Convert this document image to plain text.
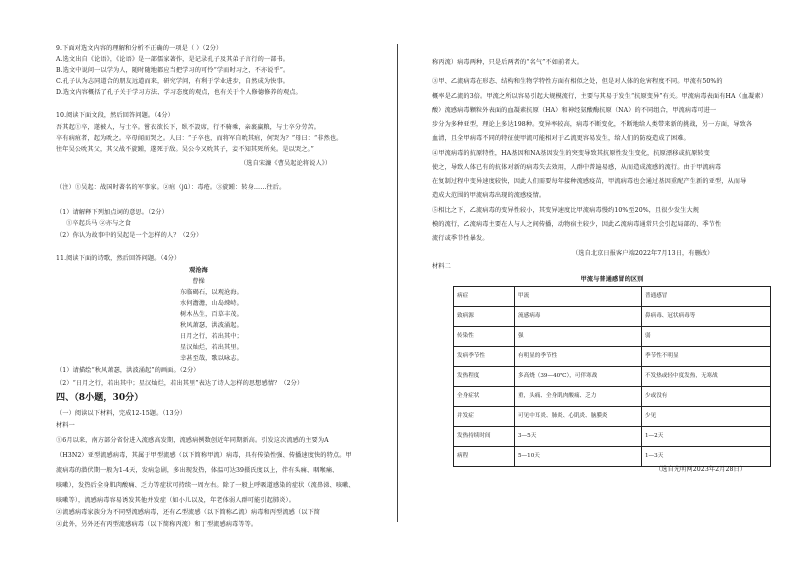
9.下面对选文内容的理解和分析不正确的一项是（ ）（2分）
A.选文出自《论语》，《论语》是一部儒家著作，是记录孔子及其弟子言行的一部书。
B.选文中说问一以学为人，随时随地都应当把学习的可怜“学而时习之，不亦说乎”。
C.孔子认为志同道合的朋友远道而来，研究学问，有利于学业进步，自然成为快事。
D.选文内容概括了孔子关于学习方法、学习态度的观点，也有关于个人修德修养的观点。
10.阅读下面文段，然后回答问题。（4分）
吾其起①卒，遂被人，与士卒。嘗衣欲长下，臥不設席，行不骑乘，亲裹赢粮，与士卒分劳苦。
卒有病疽者，起为吮之。卒母闻而哭之。人曰：“子卒也，而将军自吮其疽，何哭为？”母曰：“非然也。
往年吴公吮其父，其父战不旋踵，遂死于敌。吴公今又吮其子，妾不知其死所矣。是以哭之。”
（选自宋濂《曹吴起论将说人》）
（注）①吴起：战国时著名的军事家。②疽（jū）：毒疮。③旋踵：转身……往后。
（1）请解释下列加点词的意思。（2分）
①卒起兵马 ②亦与之食
（2）你认为故事中的吴起是一个怎样的人？（2分）
11.阅读下面的诗歌，然后回答问题。（4分）
观沧海
曹操
东临碣石，以观沧海。
水何澹澹，山岛竦峙。
树木丛生，百草丰茂。
秋风萧瑟，洪波涌起。
日月之行，若出其中；
星汉灿烂，若出其里。
幸甚至哉，歌以咏志。
（1）请描绘“秋风萧瑟，洪波涌起”的画面。（2分）
（2）“日月之行，若出其中；星汉灿烂，若出其里”表达了诗人怎样的思想感情？（2分）
四、（8小题，30分）
（一）阅读以下材料，完成12-15题。（13分）
材料一
①6月以来，南方部分省份进入流感高发期，流感病例数创近年同期新高。引发这次流感的主要为A
（H3N2）亚型流感病毒，其属于甲型流感（以下简称甲流）病毒，具有传染性强、传播速度快的特点。甲
流病毒的潜伏期一般为1-4天，发病急剧，多出现发热，体温可达39摄氏度以上，伴有头痛、咽喉痛、
咳嗽），发热后全身肌肉酸痛、乏力等症状可持续一周左右。除了一般上呼吸道感染的症状（流鼻涕、咳嗽、
咳嗽等），流感病毒容易诱发其他并发症（如小儿以及，年老体弱人群可能引起肺炎）。
②流感病毒家族分为不同型流感病毒，还有乙型流感（以下简称乙流）病毒和丙型流感（以下简
②此外，另外还有丙型流感病毒（以下简称丙流）和丁型流感病毒等等。
称丙流）病毒两种，只是后两者的“名气”不如前者大。
③甲、乙流病毒在形态、结构和生物学特性方面有相似之处，但是对人体的危害程度不同。甲流有50%的
概率是乙流的3倍。甲流之所以容易引起大规模流行，主要与其易于发生“抗原变异”有关。甲流病毒表面有HA（血凝素）
酸）流感病毒颗粒外表面的血凝素抗原（HA）和神经氨酸酶抗原（NA）的不同组合，甲流病毒可进一
步分为多种亚型，理论上多达198种。变异率较高，病毒不断变化，不断地给人类带来新的挑战，另一方面，导致各
血清，且全甲病毒不同的特征使甲流可能相对于乙流更容易发生，给人们的防疫造成了困难。
④甲流病毒的抗原特性，HA基因和NA基因发生的突变导致其抗原性发生变化，抗原漂移或抗原转变
使之，导致人体已有的抗体对新的病毒失去效用，人群中普遍易感，从而造成流感的流行。由于甲流病毒
在复制过程中变异速度较快，因此人们需要每年接种流感疫苗，甲流病毒也会通过基因重配产生新的亚型，从而导
造成大范围的甲流病毒出现的流感疫情。
⑤相比之下，乙流病毒的变异性较小，其变异速度比甲流病毒慢约10%至20%，且很少发生大规
模的流行，乙流病毒主要在人与人之间传播，动物宿主较少，因此乙流病毒通常只会引起局部的、季节性
流行或季节性暴发。
（选自北京日报客户端2022年7月13日，有删改）
材料二
甲流与普通感冒的区别
病症	甲流	普通感冒
致病源	流感病毒	鼻病毒、冠状病毒等
传染性	强	弱
发病季节性	有明显的季节性	季节性不明显
发热程度	多高烧（39—40℃），可伴寒战	不发热或轻中度发热，无寒战
全身症状	重，头痛、全身肌肉酸痛、乏力	少或没有
并发症	可见中耳炎、肺炎、心肌炎、脑膜炎	少见
发热持续时间	3—5天	1—2天
病程	5—10天	1—3天
（选自光明网2023年2月28日）
